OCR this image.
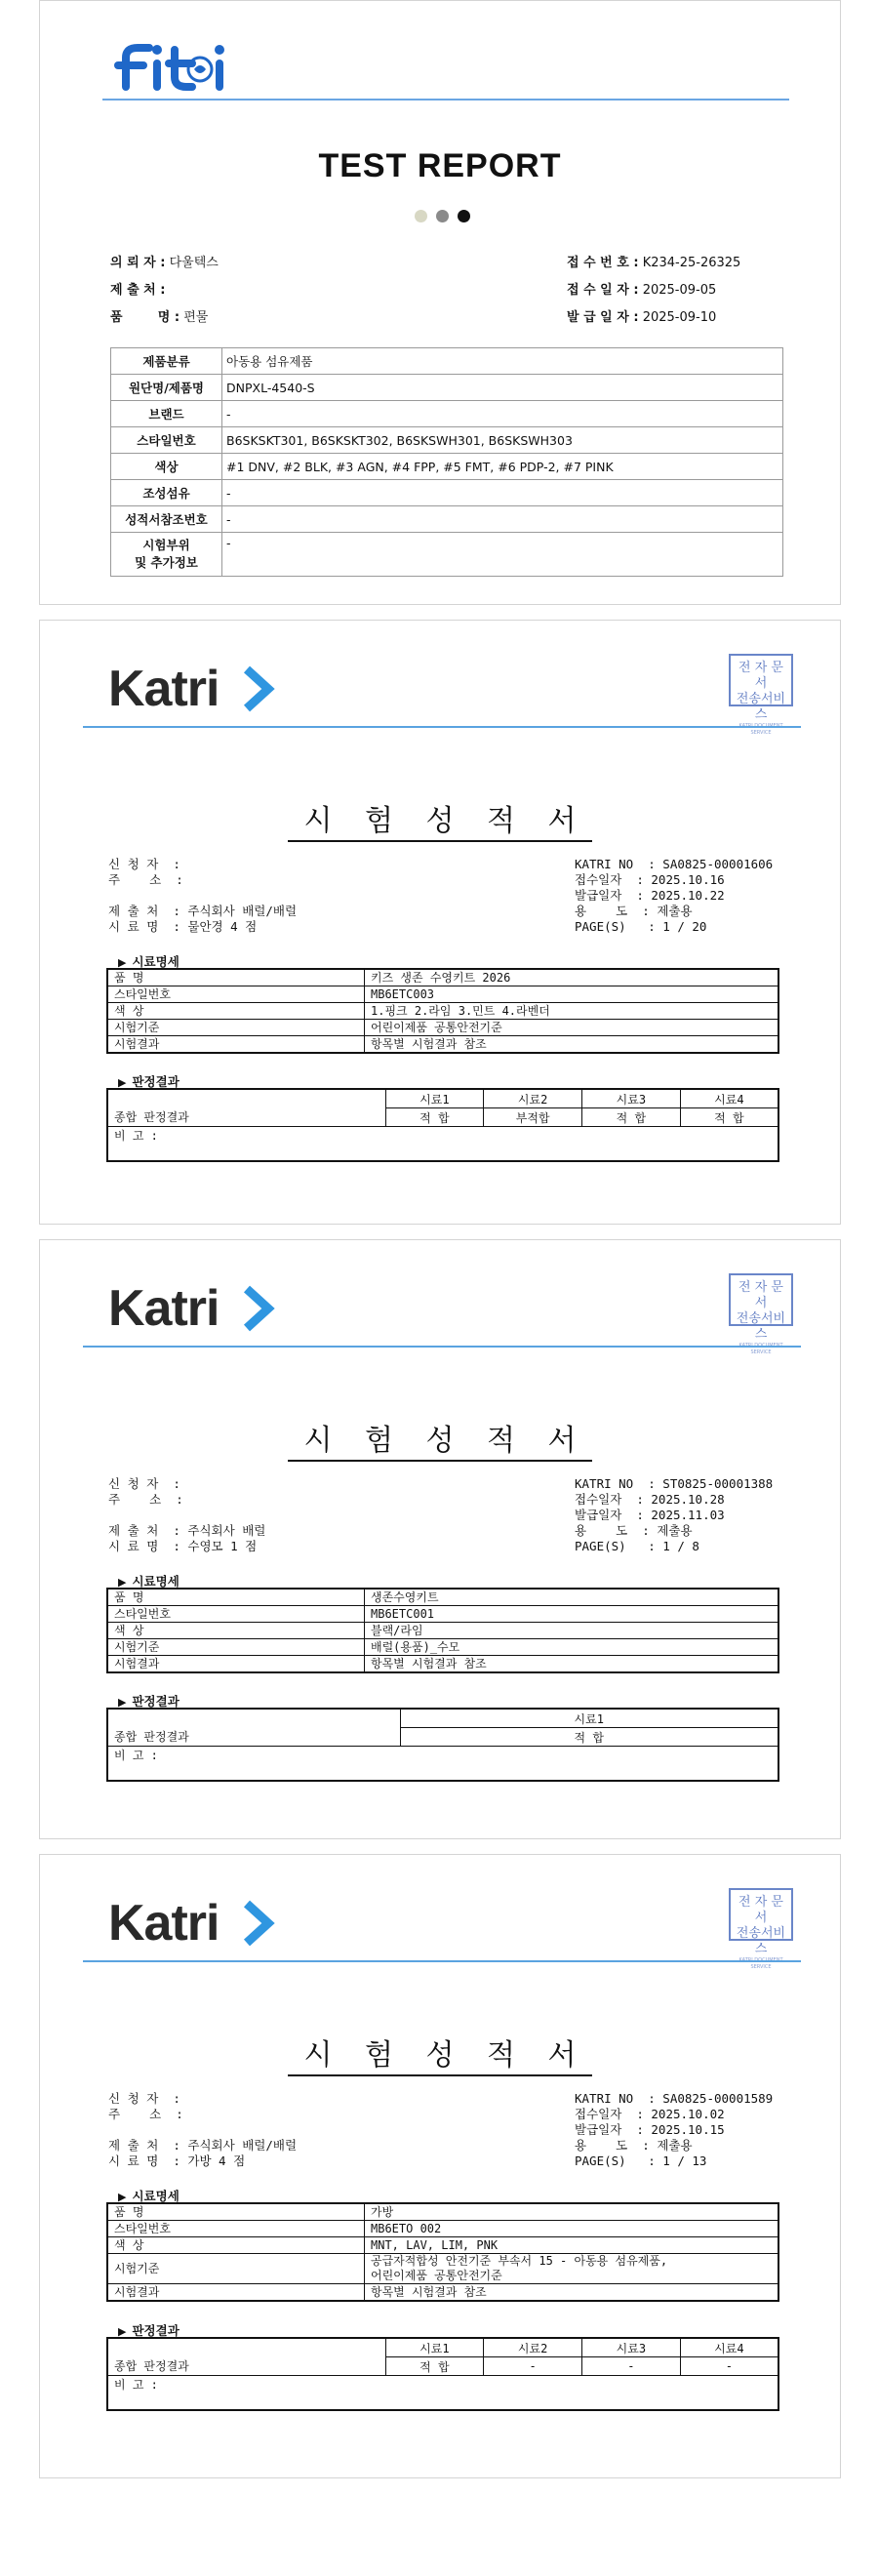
TEST REPORT
의 뢰 자 : 다울텍스
제 출 처 :
품        명 : 편물
접 수 번 호 : K234-25-26325
접 수 일 자 : 2025-09-05
발 급 일 자 : 2025-09-10
제품분류	아동용 섬유제품
원단명/제품명	DNPXL-4540-S
브랜드	-
스타일번호	B6SKSKT301, B6SKSKT302, B6SKSWH301, B6SKSWH303
색상	#1 DNV, #2 BLK, #3 AGN, #4 FPP, #5 FMT, #6 PDP-2, #7 PINK
조성섬유	-
성적서참조번호	-
시험부위
및 추가정보	-
Katri	전 자 문 서
전송서비스
SERVICE
시 험 성 적 서
신 청 자  :
주    소  :

제 출 처  : 주식회사 배럴/배럴
시 료 명  : 물안경 4 점
KATRI NO  : SA0825-00001606
접수일자  : 2025.10.16
발급일자  : 2025.10.22
용    도  : 제출용
PAGE(S)   : 1 / 20
▶ 시료명세
품 명	키즈 생존 수영키트 2026
스타일번호	MB6ETC003
색 상	1.핑크 2.라임 3.민트 4.라벤더
시험기준	어린이제품 공통안전기준
시험결과	항목별 시험결과 참조
▶ 판정결과
	시료1	시료2	시료3	시료4
종합 판정결과	적 합	부적합	적 합	적 합
비 고 :				
Katri	전 자 문 서
전송서비스
SERVICE
시 험 성 적 서
신 청 자  :
주    소  :

제 출 처  : 주식회사 배럴
시 료 명  : 수영모 1 점
KATRI NO  : ST0825-00001388
접수일자  : 2025.10.28
발급일자  : 2025.11.03
용    도  : 제출용
PAGE(S)   : 1 / 8
▶ 시료명세
품 명	생존수영키트
스타일번호	MB6ETC001
색 상	블랙/라임
시험기준	배럴(용품)_수모
시험결과	항목별 시험결과 참조
▶ 판정결과
	시료1
종합 판정결과	적 합
비 고 :	
Katri	전 자 문 서
전송서비스
SERVICE
시 험 성 적 서
신 청 자  :
주    소  :

제 출 처  : 주식회사 배럴/배럴
시 료 명  : 가방 4 점
KATRI NO  : SA0825-00001589
접수일자  : 2025.10.02
발급일자  : 2025.10.15
용    도  : 제출용
PAGE(S)   : 1 / 13
▶ 시료명세
품 명	가방
스타일번호	MB6ETO 002
색 상	MNT, LAV, LIM, PNK
시험기준	공급자적합성 안전기준 부속서 15 - 아동용 섬유제품,
어린이제품 공통안전기준
시험결과	항목별 시험결과 참조
▶ 판정결과
	시료1	시료2	시료3	시료4
종합 판정결과	적 합	-	-	-
비 고 :				
